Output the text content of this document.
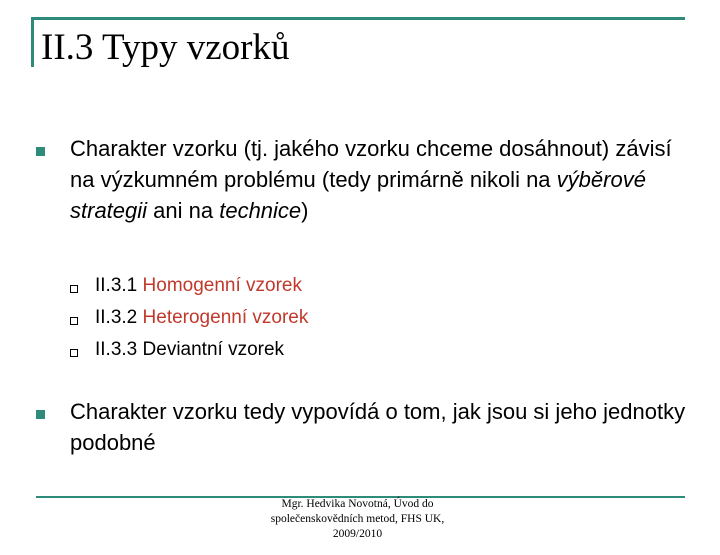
II.3 Typy vzorků
Charakter vzorku (tj. jakého vzorku chceme dosáhnout) závisí na výzkumném problému (tedy primárně nikoli na výběrové strategii ani na technice)
II.3.1 Homogenní vzorek
II.3.2 Heterogenní vzorek
II.3.3 Deviantní vzorek
Charakter vzorku tedy vypovídá o tom, jak jsou si jeho jednotky podobné
Mgr. Hedvika Novotná, Úvod do společenskovědních metod, FHS UK, 2009/2010
